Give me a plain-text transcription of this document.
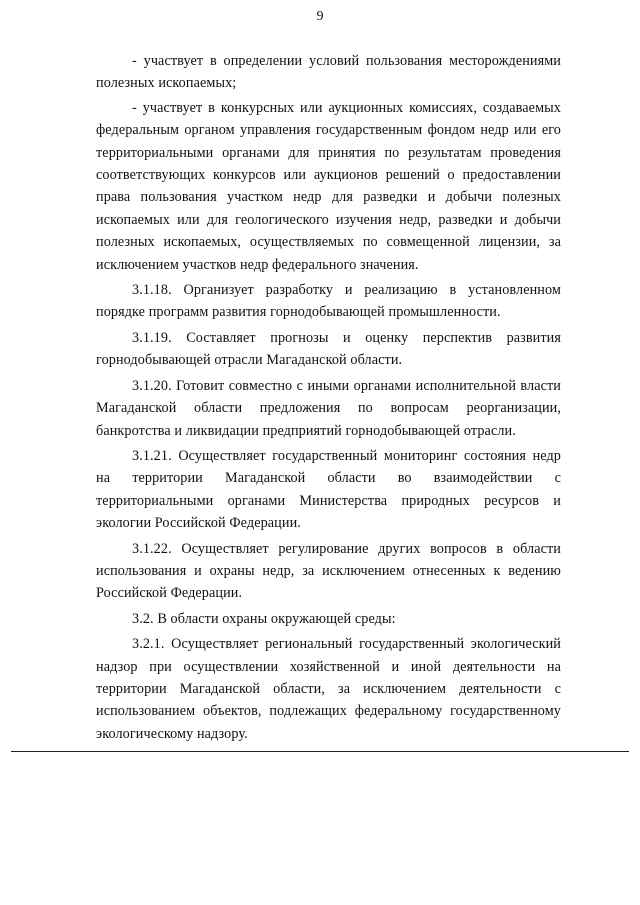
9

- участвует в определении условий пользования месторождениями полезных ископаемых;

- участвует в конкурсных или аукционных комиссиях, создаваемых федеральным органом управления государственным фондом недр или его территориальными органами для принятия по результатам проведения соответствующих конкурсов или аукционов решений о предоставлении права пользования участком недр для разведки и добычи полезных ископаемых или для геологического изучения недр, разведки и добычи полезных ископаемых, осуществляемых по совмещенной лицензии, за исключением участков недр федерального значения.

3.1.18. Организует разработку и реализацию в установленном порядке программ развития горнодобывающей промышленности.

3.1.19. Составляет прогнозы и оценку перспектив развития горнодобывающей отрасли Магаданской области.

3.1.20. Готовит совместно с иными органами исполнительной власти Магаданской области предложения по вопросам реорганизации, банкротства и ликвидации предприятий горнодобывающей отрасли.

3.1.21. Осуществляет государственный мониторинг состояния недр на территории Магаданской области во взаимодействии с территориальными органами Министерства природных ресурсов и экологии Российской Федерации.

3.1.22. Осуществляет регулирование других вопросов в области использования и охраны недр, за исключением отнесенных к ведению Российской Федерации.

3.2. В области охраны окружающей среды:

3.2.1. Осуществляет региональный государственный экологический надзор при осуществлении хозяйственной и иной деятельности на территории Магаданской области, за исключением деятельности с использованием объектов, подлежащих федеральному государственному экологическому надзору.
